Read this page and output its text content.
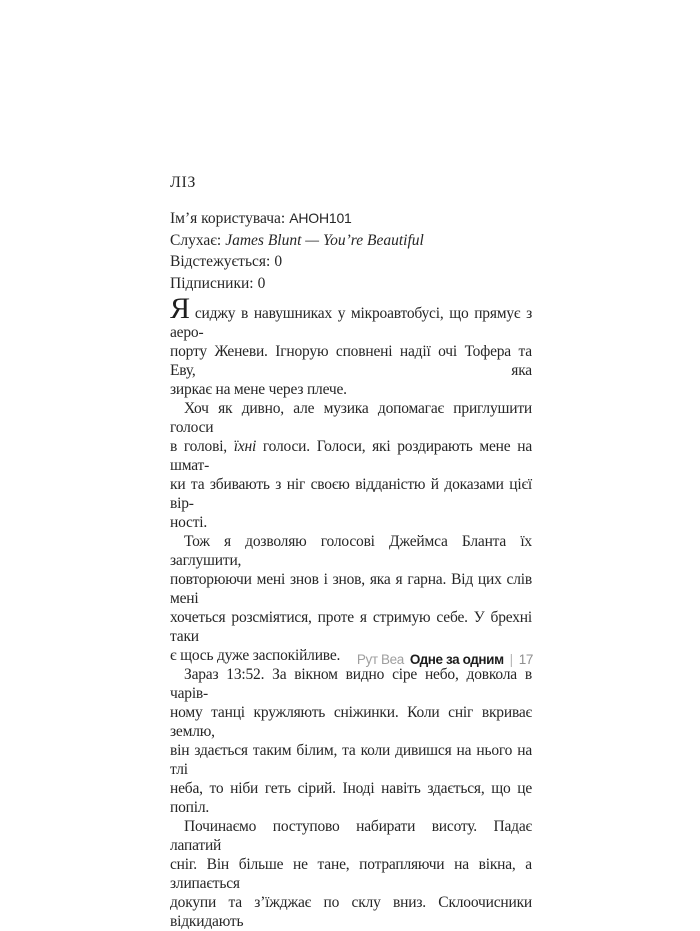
ЛІЗ
Ім’я користувача: АНОН101
Слухає: James Blunt — You’re Beautiful
Відстежується: 0
Підписники: 0
Ясиджу в навушниках у мікроавтобусі, що прямує з аеро-
порту Женеви. Ігнорую сповнені надії очі Тофера та Еву, яка
зиркає на мене через плече.
Хоч як дивно, але музика допомагає приглушити голоси
в голові, їхні голоси. Голоси, які роздирають мене на шмат-
ки та збивають з ніг своєю відданістю й доказами цієї вір-
ності.
Тож я дозволяю голосові Джеймса Бланта їх заглушити,
повторюючи мені знов і знов, яка я гарна. Від цих слів мені
хочеться розсміятися, проте я стримую себе. У брехні таки
є щось дуже заспокійливе.
Зараз 13:52. За вікном видно сіре небо, довкола в чарів-
ному танці кружляють сніжинки. Коли сніг вкриває землю,
він здається таким білим, та коли дивишся на нього на тлі
неба, то ніби геть сірий. Іноді навіть здається, що це попіл.
Починаємо поступово набирати висоту. Падає лапатий
сніг. Він більше не тане, потрапляючи на вікна, а злипається
докупи та з’їжджає по склу вниз. Склоочисники відкидають
Рут Веа Одне за одним | 17
